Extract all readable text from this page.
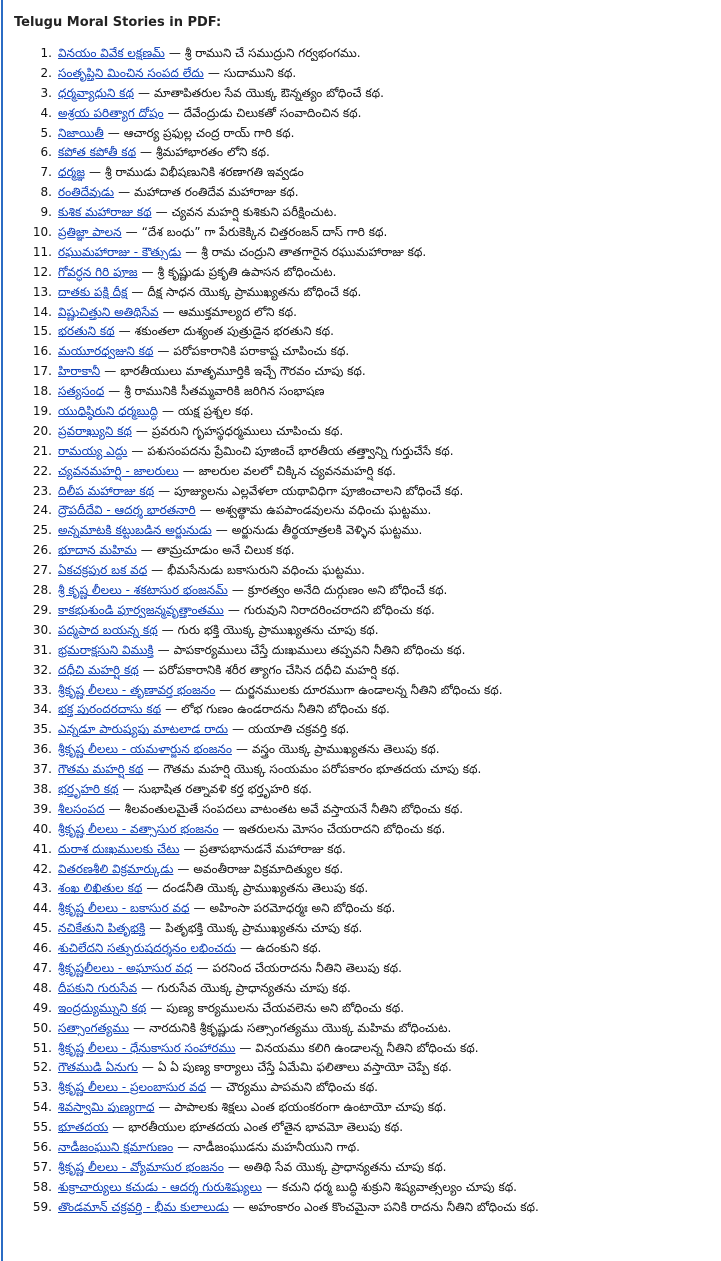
Telugu Moral Stories in PDF:
1. వినయం వివేక లక్షణమ్ — శ్రీ రాముని చే సముద్రుని గర్వభంగము.
2. సంతృప్తిని మించిన సంపద లేదు — సుదాముని కథ.
3. ధర్మవ్యాధుని కథ — మాతాపితరుల సేవ యొక్క ఔన్నత్యం బోధించే కథ.
4. అశ్రయ పరిత్యాగ దోషం — దేవేంద్రుడు చిలుకతో సంవాదించిన కథ.
5. నిజాయితీ — ఆచార్య ప్రఫుల్ల చంద్ర రాయ్ గారి కథ.
6. కపోత కపోతీ కథ — శ్రీమహాభారతం లోని కథ.
7. ధర్మజ్ఞ — శ్రీ రాముడు విభీషణునికి శరణాగతి ఇవ్వడం
8. రంతిదేవుడు — మహాదాత రంతిదేవ మహారాజు కథ.
9. కుశిక మహారాజు కథ — చ్యవన మహర్షి కుశికుని పరీక్షించుట.
10. ప్రతిజ్ఞా పాలన — “దేశ బంధు” గా పేరుకెక్కిన చిత్తరంజన్ దాస్ గారి కథ.
11. రఘుమహారాజు - కౌత్సుడు — శ్రీ రామ చంద్రుని తాతగారైన రఘుమహారాజు కథ.
12. గోవర్ధన గిరి పూజ — శ్రీ కృష్ణుడు ప్రకృతి ఉపాసన బోధించుట.
13. దాతకు పక్షి దీక్ష — దీక్ష సాధన యొక్క ప్రాముఖ్యతను బోధించే కథ.
14. విష్ణుచిత్తుని అతిథిసేవ — ఆముక్తమాల్యద లోని కథ.
15. భరతుని కథ — శకుంతలా దుశ్యంత పుత్రుడైన భరతుని కథ.
16. మయూరధ్వజుని కథ — పరోపకారానికి పరాకాష్ట చూపించు కథ.
17. హిరాకానీ — భారతీయులు మాతృమూర్తికి ఇచ్చే గౌరవం చూపు కథ.
18. సత్యసంధ — శ్రీ రామునికి సీతమ్మవారికి జరిగిన సంభాషణ
19. యుధిష్ఠిరుని ధర్మబుద్ధి — యక్ష ప్రశ్నల కథ.
20. ప్రవరాఖ్యుని కథ — ప్రవరుని గృహస్థధర్మములు చూపించు కథ.
21. రామయ్య ఎద్దు — పశుసంపదను ప్రేమించి పూజించే భారతీయ తత్త్వాన్ని గుర్తుచేసే కథ.
22. చ్యవనమహర్షి - జాలరులు — జాలరుల వలలో చిక్కిన చ్యవనమహర్షి కథ.
23. దిలీప మహారాజు కథ — పూజ్యులను ఎల్లవేళలా యథావిధిగా పూజించాలని బోధించే కథ.
24. ద్రౌపదీదేవి - ఆదర్శ భారతనారి — అశ్వత్థామ ఉపపాండవులను వధించు ఘట్టము.
25. అన్నమాటకి కట్టుబడిన అర్జునుడు — అర్జునుడు తీర్థయాత్రలకి వెళ్ళిన ఘట్టము.
26. భూదాన మహిమ — తామ్రచూడుం అనే చిలుక కథ.
27. ఏకచక్రపుర బక వధ — భీమసేనుడు బకాసురుని వధించు ఘట్టము.
28. శ్రీ కృష్ణ లీలలు - శకటాసుర భంజనమ్ — క్రూరత్వం అనేది దుర్గుణం అని బోధించే కథ.
29. కాకభుశుండి పూర్వజన్మవృత్తాంతము — గురువుని నిరాదరించరాదని బోధించు కథ.
30. పద్మపాద బయన్న కథ — గురు భక్తి యొక్క ప్రాముఖ్యతను చూపు కథ.
31. భ్రమరాక్షసుని విముక్తి — పాపకార్యములు చేస్తే దుఃఖములు తప్పవని నీతిని బోధించు కథ.
32. దధీచి మహర్షి కథ — పరోపకారానికి శరీర త్యాగం చేసిన దధీచి మహర్షి కథ.
33. శ్రీకృష్ణ లీలలు - తృణావర్త భంజనం — దుర్జనములకు దూరముగా ఉండాలన్న నీతిని బోధించు కథ.
34. భక్త పురందరదాసు కథ — లోభ గుణం ఉండరాదను నీతిని బోధించు కథ.
35. ఎన్నడూ పారుష్యపు మాటలాడ రాదు — యయాతి చక్రవర్తి కథ.
36. శ్రీకృష్ణ లీలలు - యమళార్జున భంజనం — వస్త్రం యొక్క ప్రాముఖ్యతను తెలుపు కథ.
37. గౌతమ మహర్షి కథ — గౌతమ మహర్షి యొక్క సంయమం పరోపకారం భూతదయ చూపు కథ.
38. భర్తృహరి కథ — సుభాషిత రత్నావళి కర్త భర్తృహరి కథ.
39. శీలసంపద — శీలవంతులమైతే సంపదలు వాటంతట అవే వస్తాయనే నీతిని బోధించు కథ.
40. శ్రీకృష్ణ లీలలు - వత్సాసుర భంజనం — ఇతరులను మోసం చేయరాదని బోధించు కథ.
41. దురాశ దుఃఖములకు చేటు — ప్రతాపభానుడనే మహారాజు కథ.
42. వితరణశీలి విక్రమార్కుడు — అవంతీరాజు విక్రమాదిత్యుల కథ.
43. శంఖ లిఖితుల కథ — దండనీతి యొక్క ప్రాముఖ్యతను తెలుపు కథ.
44. శ్రీకృష్ణ లీలలు - బకాసుర వధ — అహింసా పరమోధర్మః అని బోధించు కథ.
45. నచికేతుని పితృభక్తి — పితృభక్తి యొక్క ప్రాముఖ్యతను చూపు కథ.
46. శుచిలేదని సత్పురుషదర్శనం లభించదు — ఉదంకుని కథ.
47. శ్రీకృష్ణలీలలు - అఘాసుర వధ — పరనింద చేయరాదను నీతిని తెలుపు కథ.
48. దీపకుని గురుసేవ — గురుసేవ యొక్క ప్రాధాన్యతను చూపు కథ.
49. ఇంద్రద్యుమ్నుని కథ — పుణ్య కార్యములను చేయవలెను అని బోధించు కథ.
50. సత్సాంగత్యము — నారదునికి శ్రీకృష్ణుడు సత్సాంగత్యము యొక్క మహిమ బోధించుట.
51. శ్రీకృష్ణ లీలలు - ధేనుకాసుర సంహారము — వినయము కలిగి ఉండాలన్న నీతిని బోధించు కథ.
52. గౌతముడి ఏనుగు — ఏ ఏ పుణ్య కార్యాలు చేస్తే ఏమేమి ఫలితాలు వస్తాయో చెప్పే కథ.
53. శ్రీకృష్ణ లీలలు - ప్రలంబాసుర వధ — చౌర్యము పాపమని బోధించు కథ.
54. శివస్వామి పుణ్యగాధ — పాపాలకు శిక్షలు ఎంత భయంకరంగా ఉంటాయో చూపు కథ.
55. భూతదయ — భారతీయుల భూతదయ ఎంత లోతైన భావమో తెలుపు కథ.
56. నాడీజంఘుని క్షమాగుణం — నాడీజంఘుడను మహనీయుని గాథ.
57. శ్రీకృష్ణ లీలలు - వ్యోమాసుర భంజనం — అతిథి సేవ యొక్క ప్రాధాన్యతను చూపు కథ.
58. శుక్రాచార్యులు కచుడు - ఆదర్శ గురుశిష్యులు — కచుని ధర్మ బుద్ధి శుక్రుని శిష్యవాత్సల్యం చూపు కథ.
59. తొండమాన్ చక్రవర్తి - భీమ కులాలుడు — అహంకారం ఎంత కొంచమైనా పనికి రాదను నీతిని బోధించు కథ.
